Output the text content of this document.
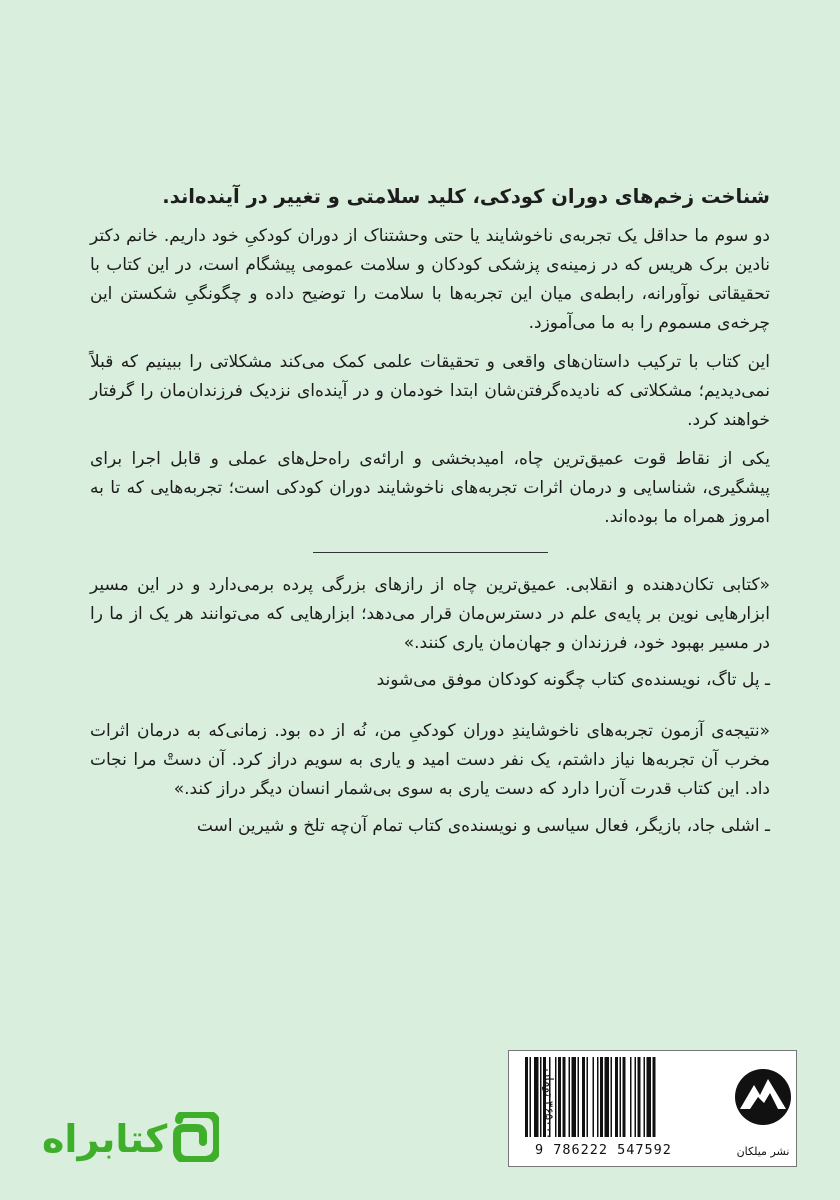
شناخت زخم‌های دوران کودکی، کلید سلامتی و تغییر در آینده‌اند.

دو سوم ما حداقل یک تجربه‌ی ناخوشایند یا حتی وحشتناک از دوران کودکیِ خود داریم. خانم دکتر نادین برک هریس که در زمینه‌ی پزشکی کودکان و سلامت عمومی پیشگام است، در این کتاب با تحقیقاتی نوآورانه، رابطه‌ی میان این تجربه‌ها با سلامت را توضیح داده و چگونگیِ شکستن این چرخه‌ی مسموم را به ما می‌آموزد.

این کتاب با ترکیب داستان‌های واقعی و تحقیقات علمی کمک می‌کند مشکلاتی را ببینیم که قبلاً نمی‌دیدیم؛ مشکلاتی که نادیده‌گرفتن‌شان ابتدا خودمان و در آینده‌ای نزدیک فرزندان‌مان را گرفتار خواهند کرد.

یکی از نقاط قوت عمیق‌ترین چاه، امیدبخشی و ارائه‌ی راه‌حل‌های عملی و قابل اجرا برای پیشگیری، شناسایی و درمان اثرات تجربه‌های ناخوشایند دوران کودکی است؛ تجربه‌هایی که تا به امروز همراه ما بوده‌اند.

«کتابی تکان‌دهنده و انقلابی. عمیق‌ترین چاه از رازهای بزرگی پرده برمی‌دارد و در این مسیر ابزارهایی نوین بر پایه‌ی علم در دسترس‌مان قرار می‌دهد؛ ابزارهایی که می‌توانند هر یک از ما را در مسیر بهبود خود، فرزندان و جهان‌مان یاری کنند.»

ـ پل تاگ، نویسنده‌ی کتاب چگونه کودکان موفق می‌شوند

«نتیجه‌ی آزمون تجربه‌های ناخوشایندِ دوران کودکیِ من، نُه از ده بود. زمانی‌که به درمان اثرات مخرب آن تجربه‌ها نیاز داشتم، یک نفر دست امید و یاری به سویم دراز کرد. آن دستْ مرا نجات داد. این کتاب قدرت آن‌را دارد که دست یاری به سوی بی‌شمار انسان دیگر دراز کند.»

ـ اشلی جاد، بازیگر، فعال سیاسی و نویسنده‌ی کتاب تمام آن‌چه تلخ و شیرین است

کتابراه	9 786222 547592
۳۶۵۰۰۰ تومان
نشر میلکان
